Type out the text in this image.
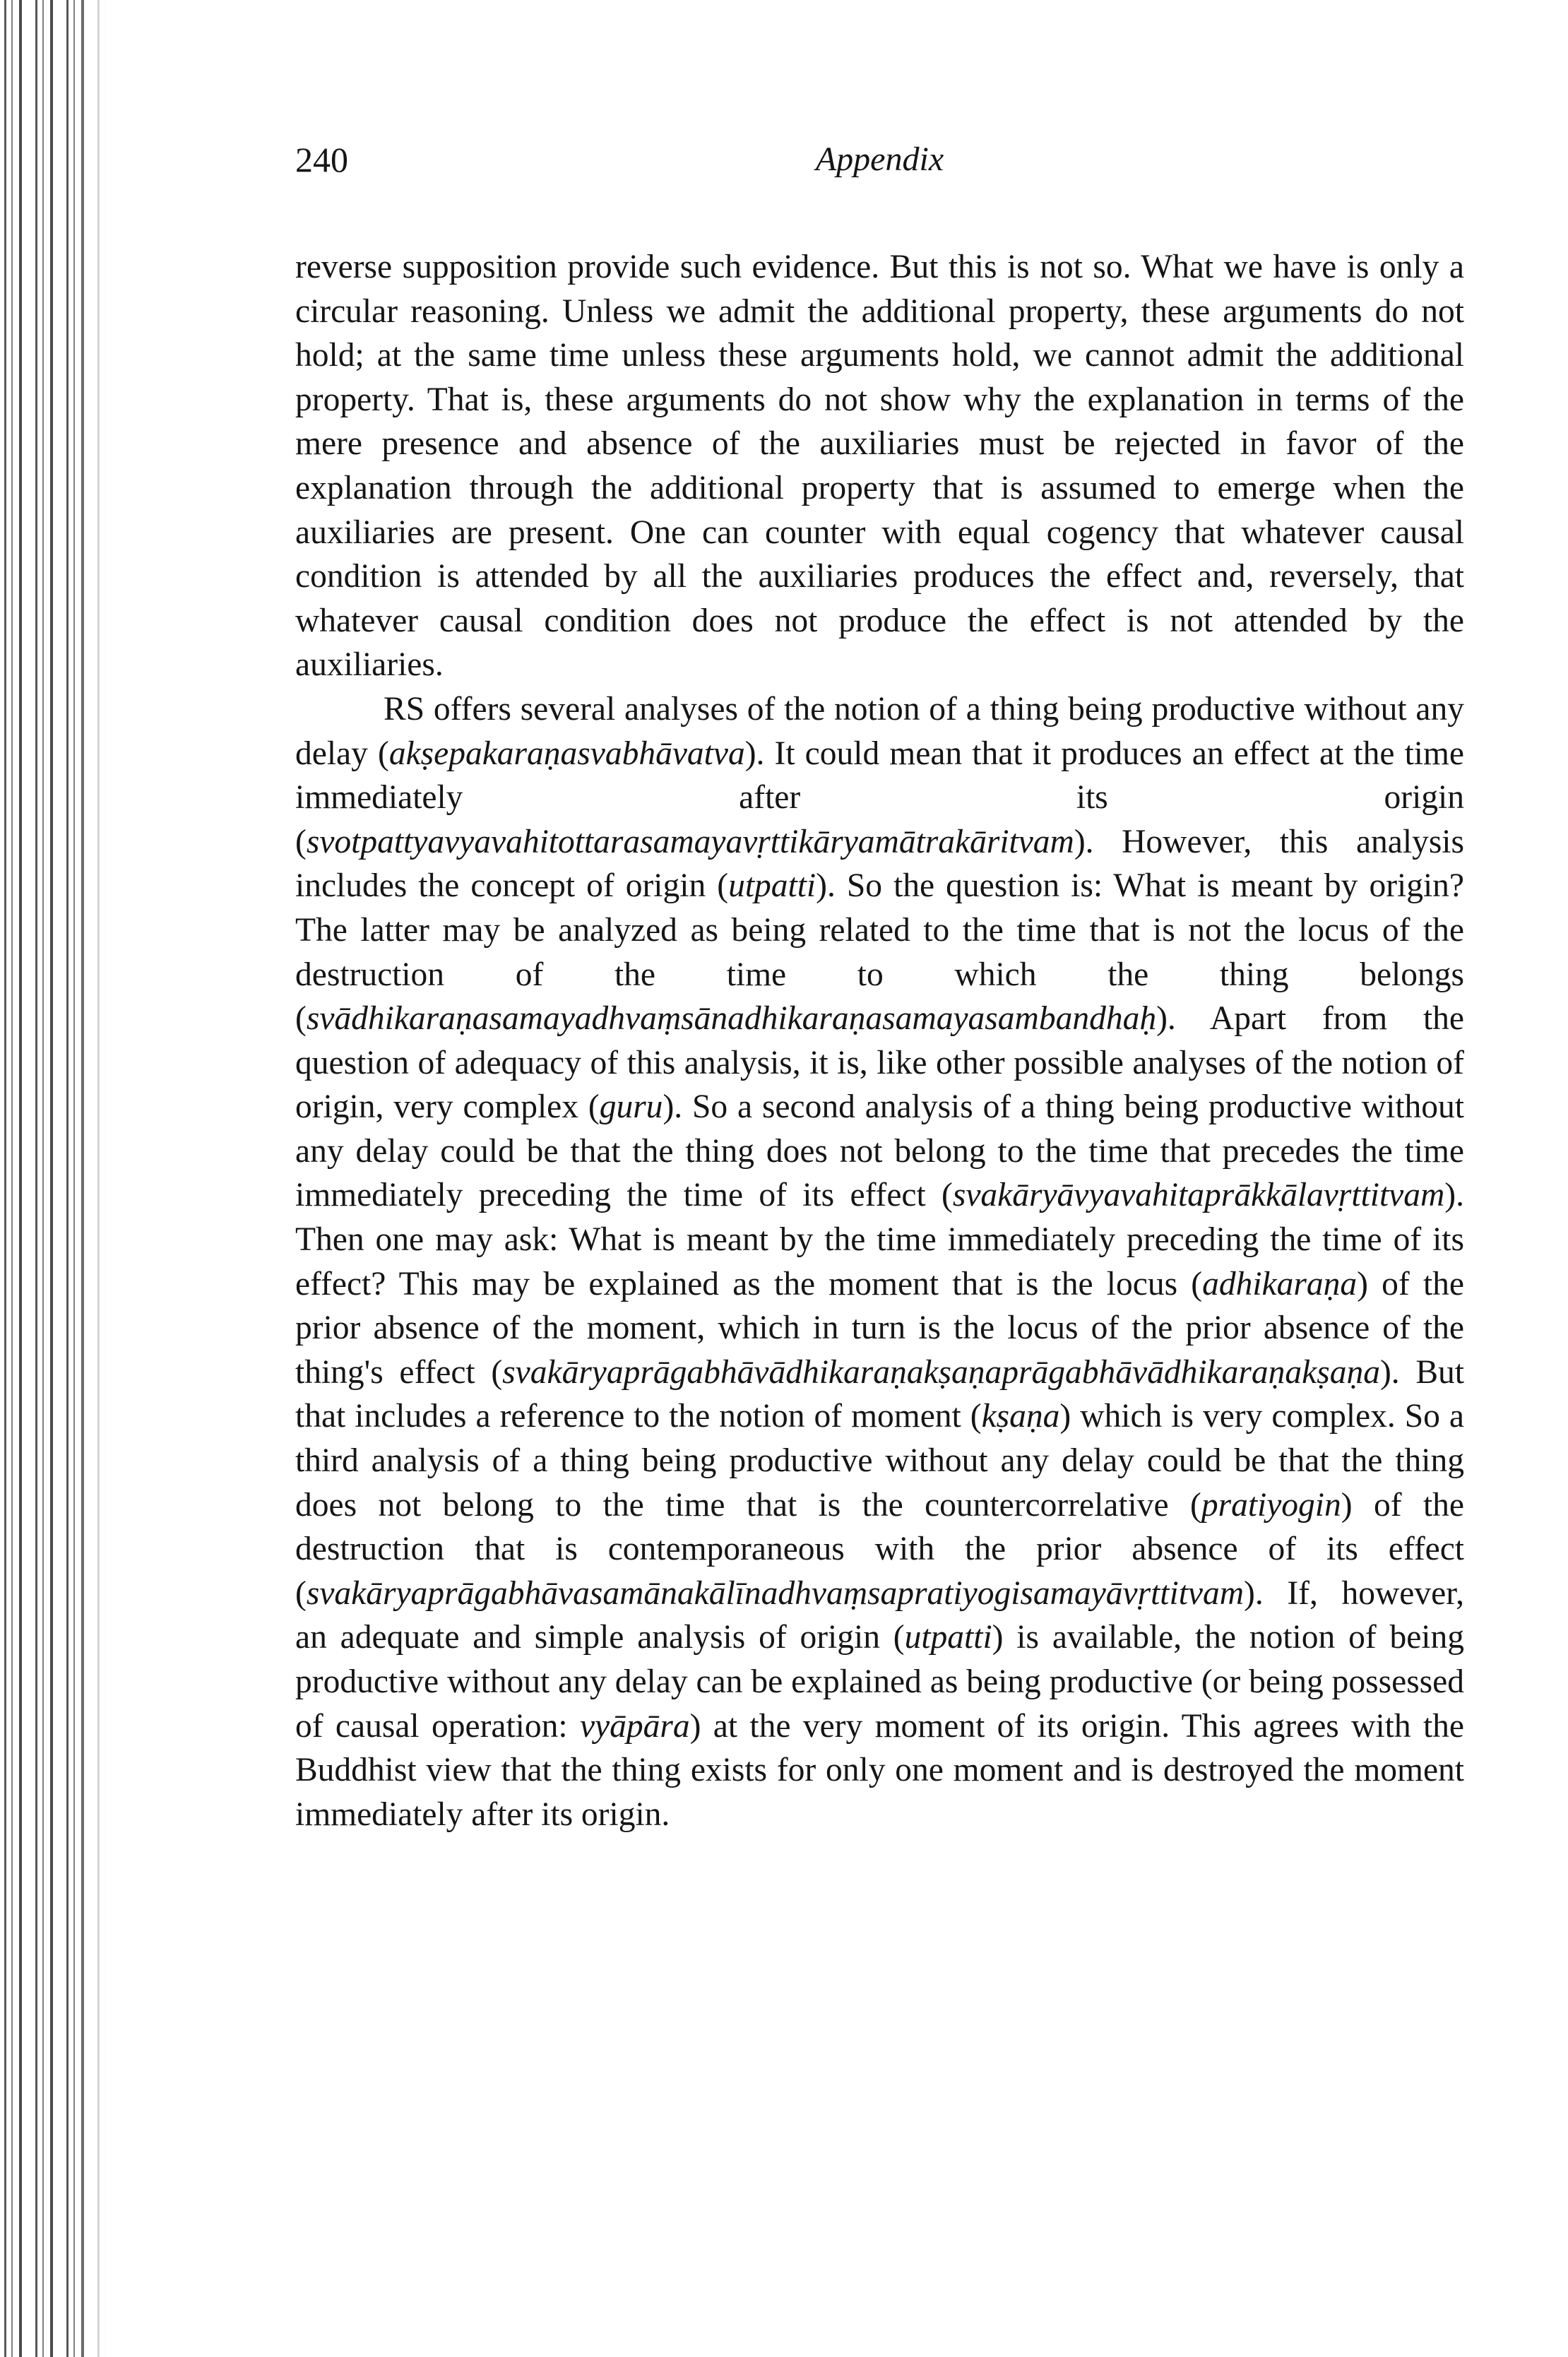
240	Appendix

reverse supposition provide such evidence. But this is not so. What we have is only a circular reasoning. Unless we admit the additional property, these arguments do not hold; at the same time unless these arguments hold, we cannot admit the additional property. That is, these arguments do not show why the explanation in terms of the mere presence and absence of the auxiliaries must be rejected in favor of the explanation through the additional property that is assumed to emerge when the auxiliaries are present. One can counter with equal cogency that whatever causal condition is attended by all the auxiliaries produces the effect and, reversely, that whatever causal condition does not produce the effect is not attended by the auxiliaries.

RS offers several analyses of the notion of a thing being productive without any delay (akṣepakaraṇasvabhāvatva). It could mean that it produces an effect at the time immediately after its origin (svotpattyavyavahitottarasamayavṛttikāryamātrakāritvam). However, this analysis includes the concept of origin (utpatti). So the question is: What is meant by origin? The latter may be analyzed as being related to the time that is not the locus of the destruction of the time to which the thing belongs (svādhikaraṇasamayadhvaṃsānadhikaraṇasamayasambandhaḥ). Apart from the question of adequacy of this analysis, it is, like other possible analyses of the notion of origin, very complex (guru). So a second analysis of a thing being productive without any delay could be that the thing does not belong to the time that precedes the time immediately preceding the time of its effect (svakāryāvyavahitaprākkālavṛttitvam). Then one may ask: What is meant by the time immediately preceding the time of its effect? This may be explained as the moment that is the locus (adhikaraṇa) of the prior absence of the moment, which in turn is the locus of the prior absence of the thing's effect (svakāryaprāgabhāvādhikaraṇakṣaṇaprāgabhāvādhikaraṇakṣaṇa). But that includes a reference to the notion of moment (kṣaṇa) which is very complex. So a third analysis of a thing being productive without any delay could be that the thing does not belong to the time that is the countercorrelative (pratiyogin) of the destruction that is contemporaneous with the prior absence of its effect (svakāryaprāgabhāvasamānakālīnadhvaṃsapratiyogisamayāvṛttitvam). If, however, an adequate and simple analysis of origin (utpatti) is available, the notion of being productive without any delay can be explained as being productive (or being possessed of causal operation: vyāpāra) at the very moment of its origin. This agrees with the Buddhist view that the thing exists for only one moment and is destroyed the moment immediately after its origin.
